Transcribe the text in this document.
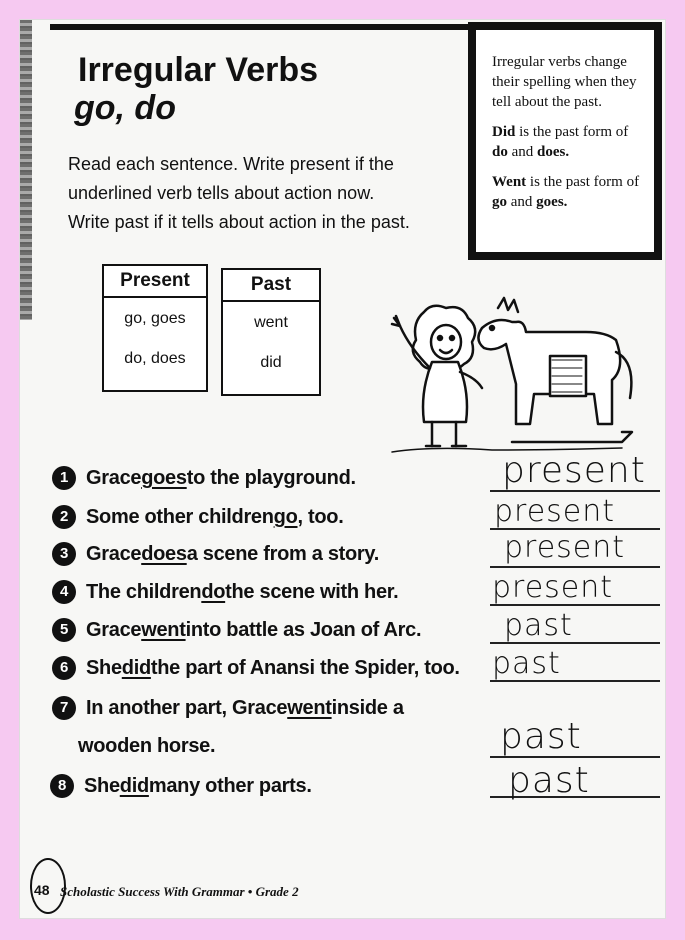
Irregular Verbs
go, do

Read each sentence. Write present if the

underlined verb tells about action now.

Write past if it tells about action in the past.

Irregular verbs change their spelling when they tell about the past.

Did is the past form of do and does.

Went is the past form of go and goes.

Present
go, goes
do, does
Past
went
did
1 Grace goes to the playground.	present
2 Some other children go , too.	present
3 Grace does a scene from a story.	present
4 The children do the scene with her.	present
5 Grace went into battle as Joan of Arc.	past
6 She did the part of Anansi the Spider, too. past
7 In another part, Grace went inside a
wooden horse.	past
8 She did many other parts.	past
48 Scholastic Success With Grammar • Grade 2
